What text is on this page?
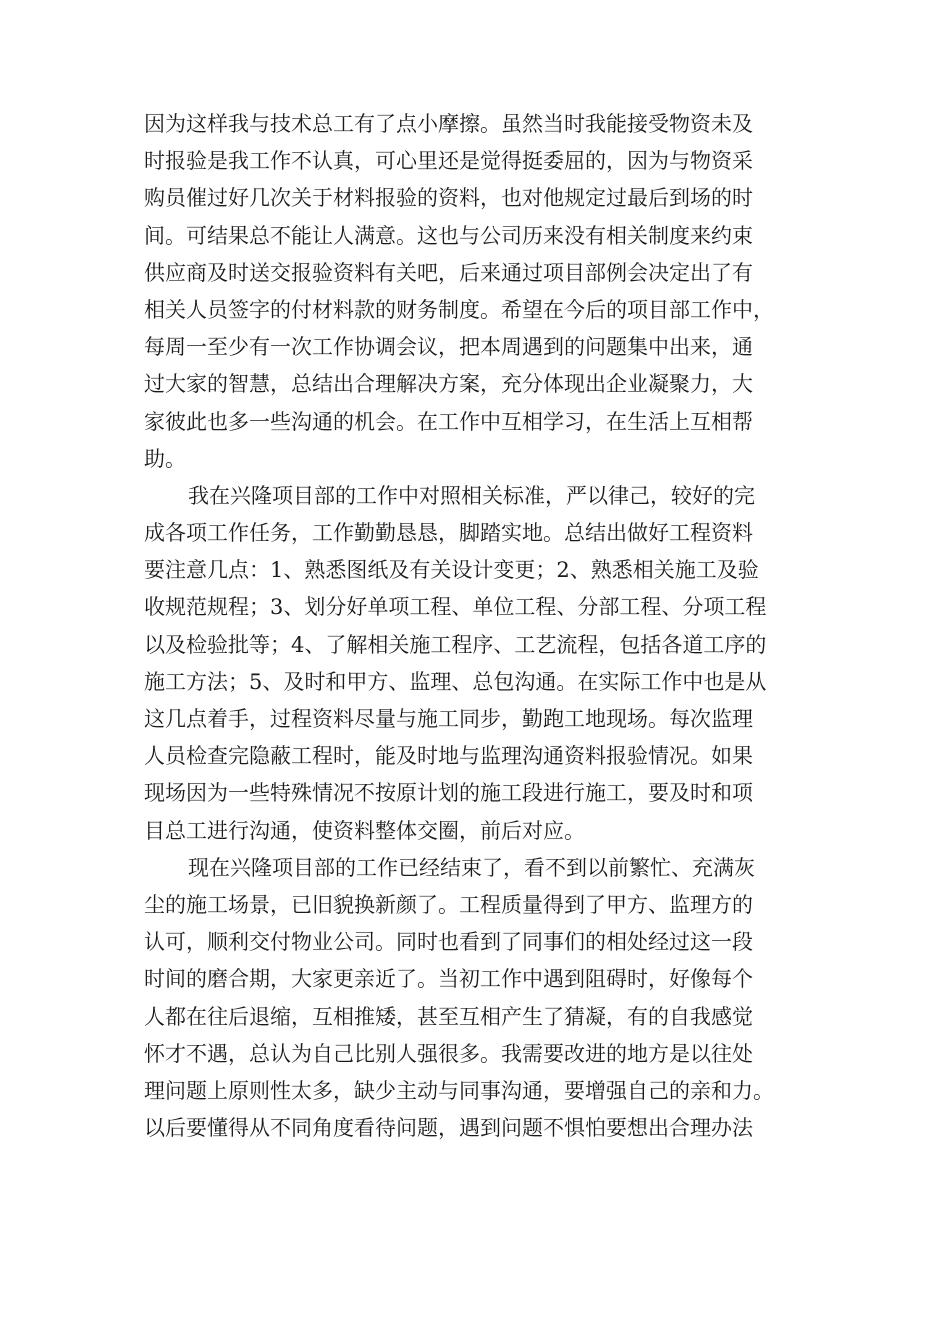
因为这样我与技术总工有了点小摩擦。虽然当时我能接受物资未及
时报验是我工作不认真，可心里还是觉得挺委屈的，因为与物资采
购员催过好几次关于材料报验的资料，也对他规定过最后到场的时
间。可结果总不能让人满意。这也与公司历来没有相关制度来约束
供应商及时送交报验资料有关吧，后来通过项目部例会决定出了有
相关人员签字的付材料款的财务制度。希望在今后的项目部工作中，
每周一至少有一次工作协调会议，把本周遇到的问题集中出来，通
过大家的智慧，总结出合理解决方案，充分体现出企业凝聚力，大
家彼此也多一些沟通的机会。在工作中互相学习，在生活上互相帮
助。
我在兴隆项目部的工作中对照相关标准，严以律己，较好的完
成各项工作任务，工作勤勤恳恳，脚踏实地。总结出做好工程资料
要注意几点：1、熟悉图纸及有关设计变更；2、熟悉相关施工及验
收规范规程；3、划分好单项工程、单位工程、分部工程、分项工程
以及检验批等；4、了解相关施工程序、工艺流程，包括各道工序的
施工方法；5、及时和甲方、监理、总包沟通。在实际工作中也是从
这几点着手，过程资料尽量与施工同步，勤跑工地现场。每次监理
人员检查完隐蔽工程时，能及时地与监理沟通资料报验情况。如果
现场因为一些特殊情况不按原计划的施工段进行施工，要及时和项
目总工进行沟通，使资料整体交圈，前后对应。
现在兴隆项目部的工作已经结束了，看不到以前繁忙、充满灰
尘的施工场景，已旧貌换新颜了。工程质量得到了甲方、监理方的
认可，顺利交付物业公司。同时也看到了同事们的相处经过这一段
时间的磨合期，大家更亲近了。当初工作中遇到阻碍时，好像每个
人都在往后退缩，互相推矮，甚至互相产生了猜凝，有的自我感觉
怀才不遇，总认为自己比别人强很多。我需要改进的地方是以往处
理问题上原则性太多，缺少主动与同事沟通，要增强自己的亲和力。
以后要懂得从不同角度看待问题，遇到问题不惧怕要想出合理办法
